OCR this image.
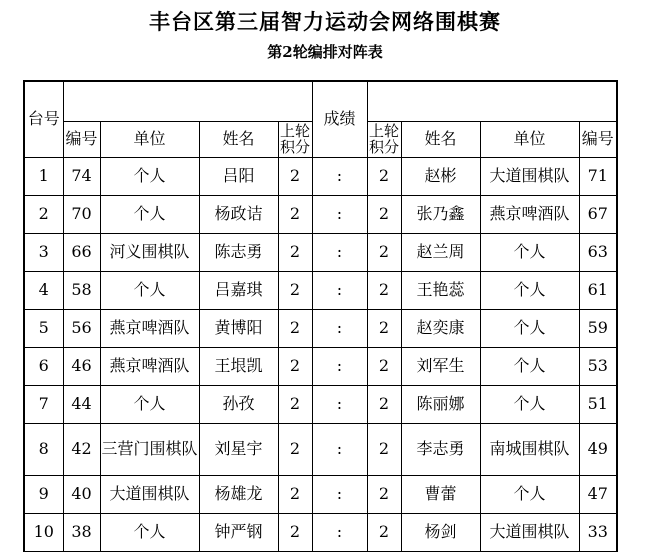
丰台区第三届智力运动会网络围棋赛
第2轮编排对阵表
台号					成绩				
	编号	单位	姓名	上轮积分		上轮积分	姓名	单位	编号
1	74	个人	吕阳	2	:	2	赵彬	大道围棋队	71
2	70	个人	杨政诘	2	:	2	张乃鑫	燕京啤酒队	67
3	66	河义围棋队	陈志勇	2	:	2	赵兰周	个人	63
4	58	个人	吕嘉琪	2	:	2	王艳蕊	个人	61
5	56	燕京啤酒队	黄博阳	2	:	2	赵奕康	个人	59
6	46	燕京啤酒队	王垠凯	2	:	2	刘军生	个人	53
7	44	个人	孙孜	2	:	2	陈丽娜	个人	51
8	42	三营门围棋队	刘星宇	2	:	2	李志勇	南城围棋队	49
9	40	大道围棋队	杨雄龙	2	:	2	曹蕾	个人	47
10	38	个人	钟严钢	2	:	2	杨剑	大道围棋队	33
